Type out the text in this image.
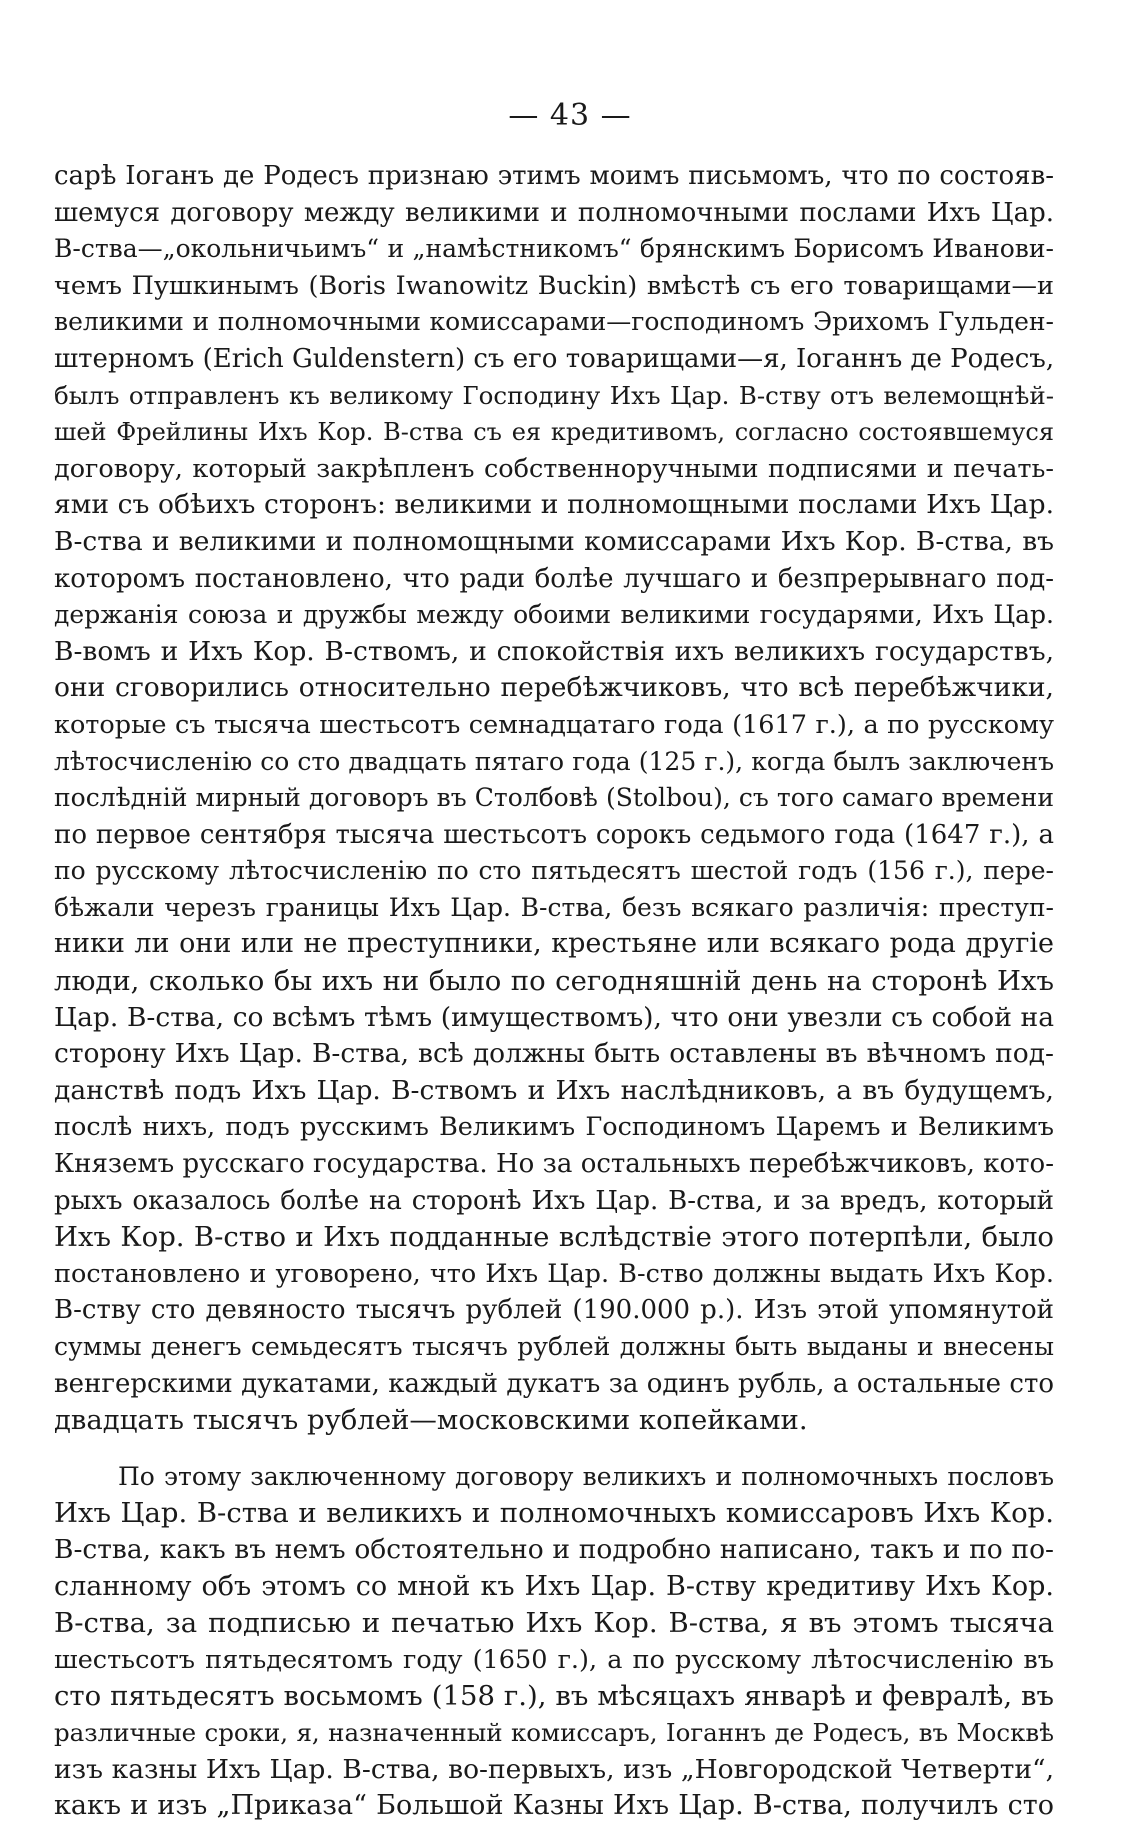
— 43 —
сарѣ Іоганъ де Родесъ признаю этимъ моимъ письмомъ, что по состояв-
шемуся договору между великими и полномочными послами Ихъ Цар.
В-ства—„окольничьимъ“ и „намѣстникомъ“ брянскимъ Борисомъ Иванови-
чемъ Пушкинымъ (Boris Iwanowitz Buckin) вмѣстѣ съ его товарищами—и
великими и полномочными комиссарами—господиномъ Эрихомъ Гульден-
штерномъ (Erich Guldenstern) съ его товарищами—я, Іоганнъ де Родесъ,
былъ отправленъ къ великому Господину Ихъ Цар. В-ству отъ велемощнѣй-
шей Фрейлины Ихъ Кор. В-ства съ ея кредитивомъ, согласно состоявшемуся
договору, который закрѣпленъ собственноручными подписями и печать-
ями съ обѣихъ сторонъ: великими и полномощными послами Ихъ Цар.
В-ства и великими и полномощными комиссарами Ихъ Кор. В-ства, въ
которомъ постановлено, что ради болѣе лучшаго и безпрерывнаго под-
держанія союза и дружбы между обоими великими государями, Ихъ Цар.
В-вомъ и Ихъ Кор. В-ствомъ, и спокойствія ихъ великихъ государствъ,
они сговорились относительно перебѣжчиковъ, что всѣ перебѣжчики,
которые съ тысяча шестьсотъ семнадцатаго года (1617 г.), а по русскому
лѣтосчисленію со сто двадцать пятаго года (125 г.), когда былъ заключенъ
послѣдній мирный договоръ въ Столбовѣ (Stolbou), съ того самаго времени
по первое сентября тысяча шестьсотъ сорокъ седьмого года (1647 г.), а
по русскому лѣтосчисленію по сто пятьдесятъ шестой годъ (156 г.), пере-
бѣжали черезъ границы Ихъ Цар. В-ства, безъ всякаго различія: преступ-
ники ли они или не преступники, крестьяне или всякаго рода другіе
люди, сколько бы ихъ ни было по сегодняшній день на сторонѣ Ихъ
Цар. В-ства, со всѣмъ тѣмъ (имуществомъ), что они увезли съ собой на
сторону Ихъ Цар. В-ства, всѣ должны быть оставлены въ вѣчномъ под-
данствѣ подъ Ихъ Цар. В-ствомъ и Ихъ наслѣдниковъ, а въ будущемъ,
послѣ нихъ, подъ русскимъ Великимъ Господиномъ Царемъ и Великимъ
Княземъ русскаго государства. Но за остальныхъ перебѣжчиковъ, кото-
рыхъ оказалось болѣе на сторонѣ Ихъ Цар. В-ства, и за вредъ, который
Ихъ Кор. В-ство и Ихъ подданные вслѣдствіе этого потерпѣли, было
постановлено и уговорено, что Ихъ Цар. В-ство должны выдать Ихъ Кор.
В-ству сто девяносто тысячъ рублей (190.000 р.). Изъ этой упомянутой
суммы денегъ семьдесятъ тысячъ рублей должны быть выданы и внесены
венгерскими дукатами, каждый дукатъ за одинъ рубль, а остальные сто
двадцать тысячъ рублей—московскими копейками.
По этому заключенному договору великихъ и полномочныхъ пословъ
Ихъ Цар. В-ства и великихъ и полномочныхъ комиссаровъ Ихъ Кор.
В-ства, какъ въ немъ обстоятельно и подробно написано, такъ и по по-
сланному объ этомъ со мной къ Ихъ Цар. В-ству кредитиву Ихъ Кор.
В-ства, за подписью и печатью Ихъ Кор. В-ства, я въ этомъ тысяча
шестьсотъ пятьдесятомъ году (1650 г.), а по русскому лѣтосчисленію въ
сто пятьдесятъ восьмомъ (158 г.), въ мѣсяцахъ январѣ и февралѣ, въ
различные сроки, я, назначенный комиссаръ, Іоганнъ де Родесъ, въ Москвѣ
изъ казны Ихъ Цар. В-ства, во-первыхъ, изъ „Новгородской Четверти“,
какъ и изъ „Приказа“ Большой Казны Ихъ Цар. В-ства, получилъ сто
